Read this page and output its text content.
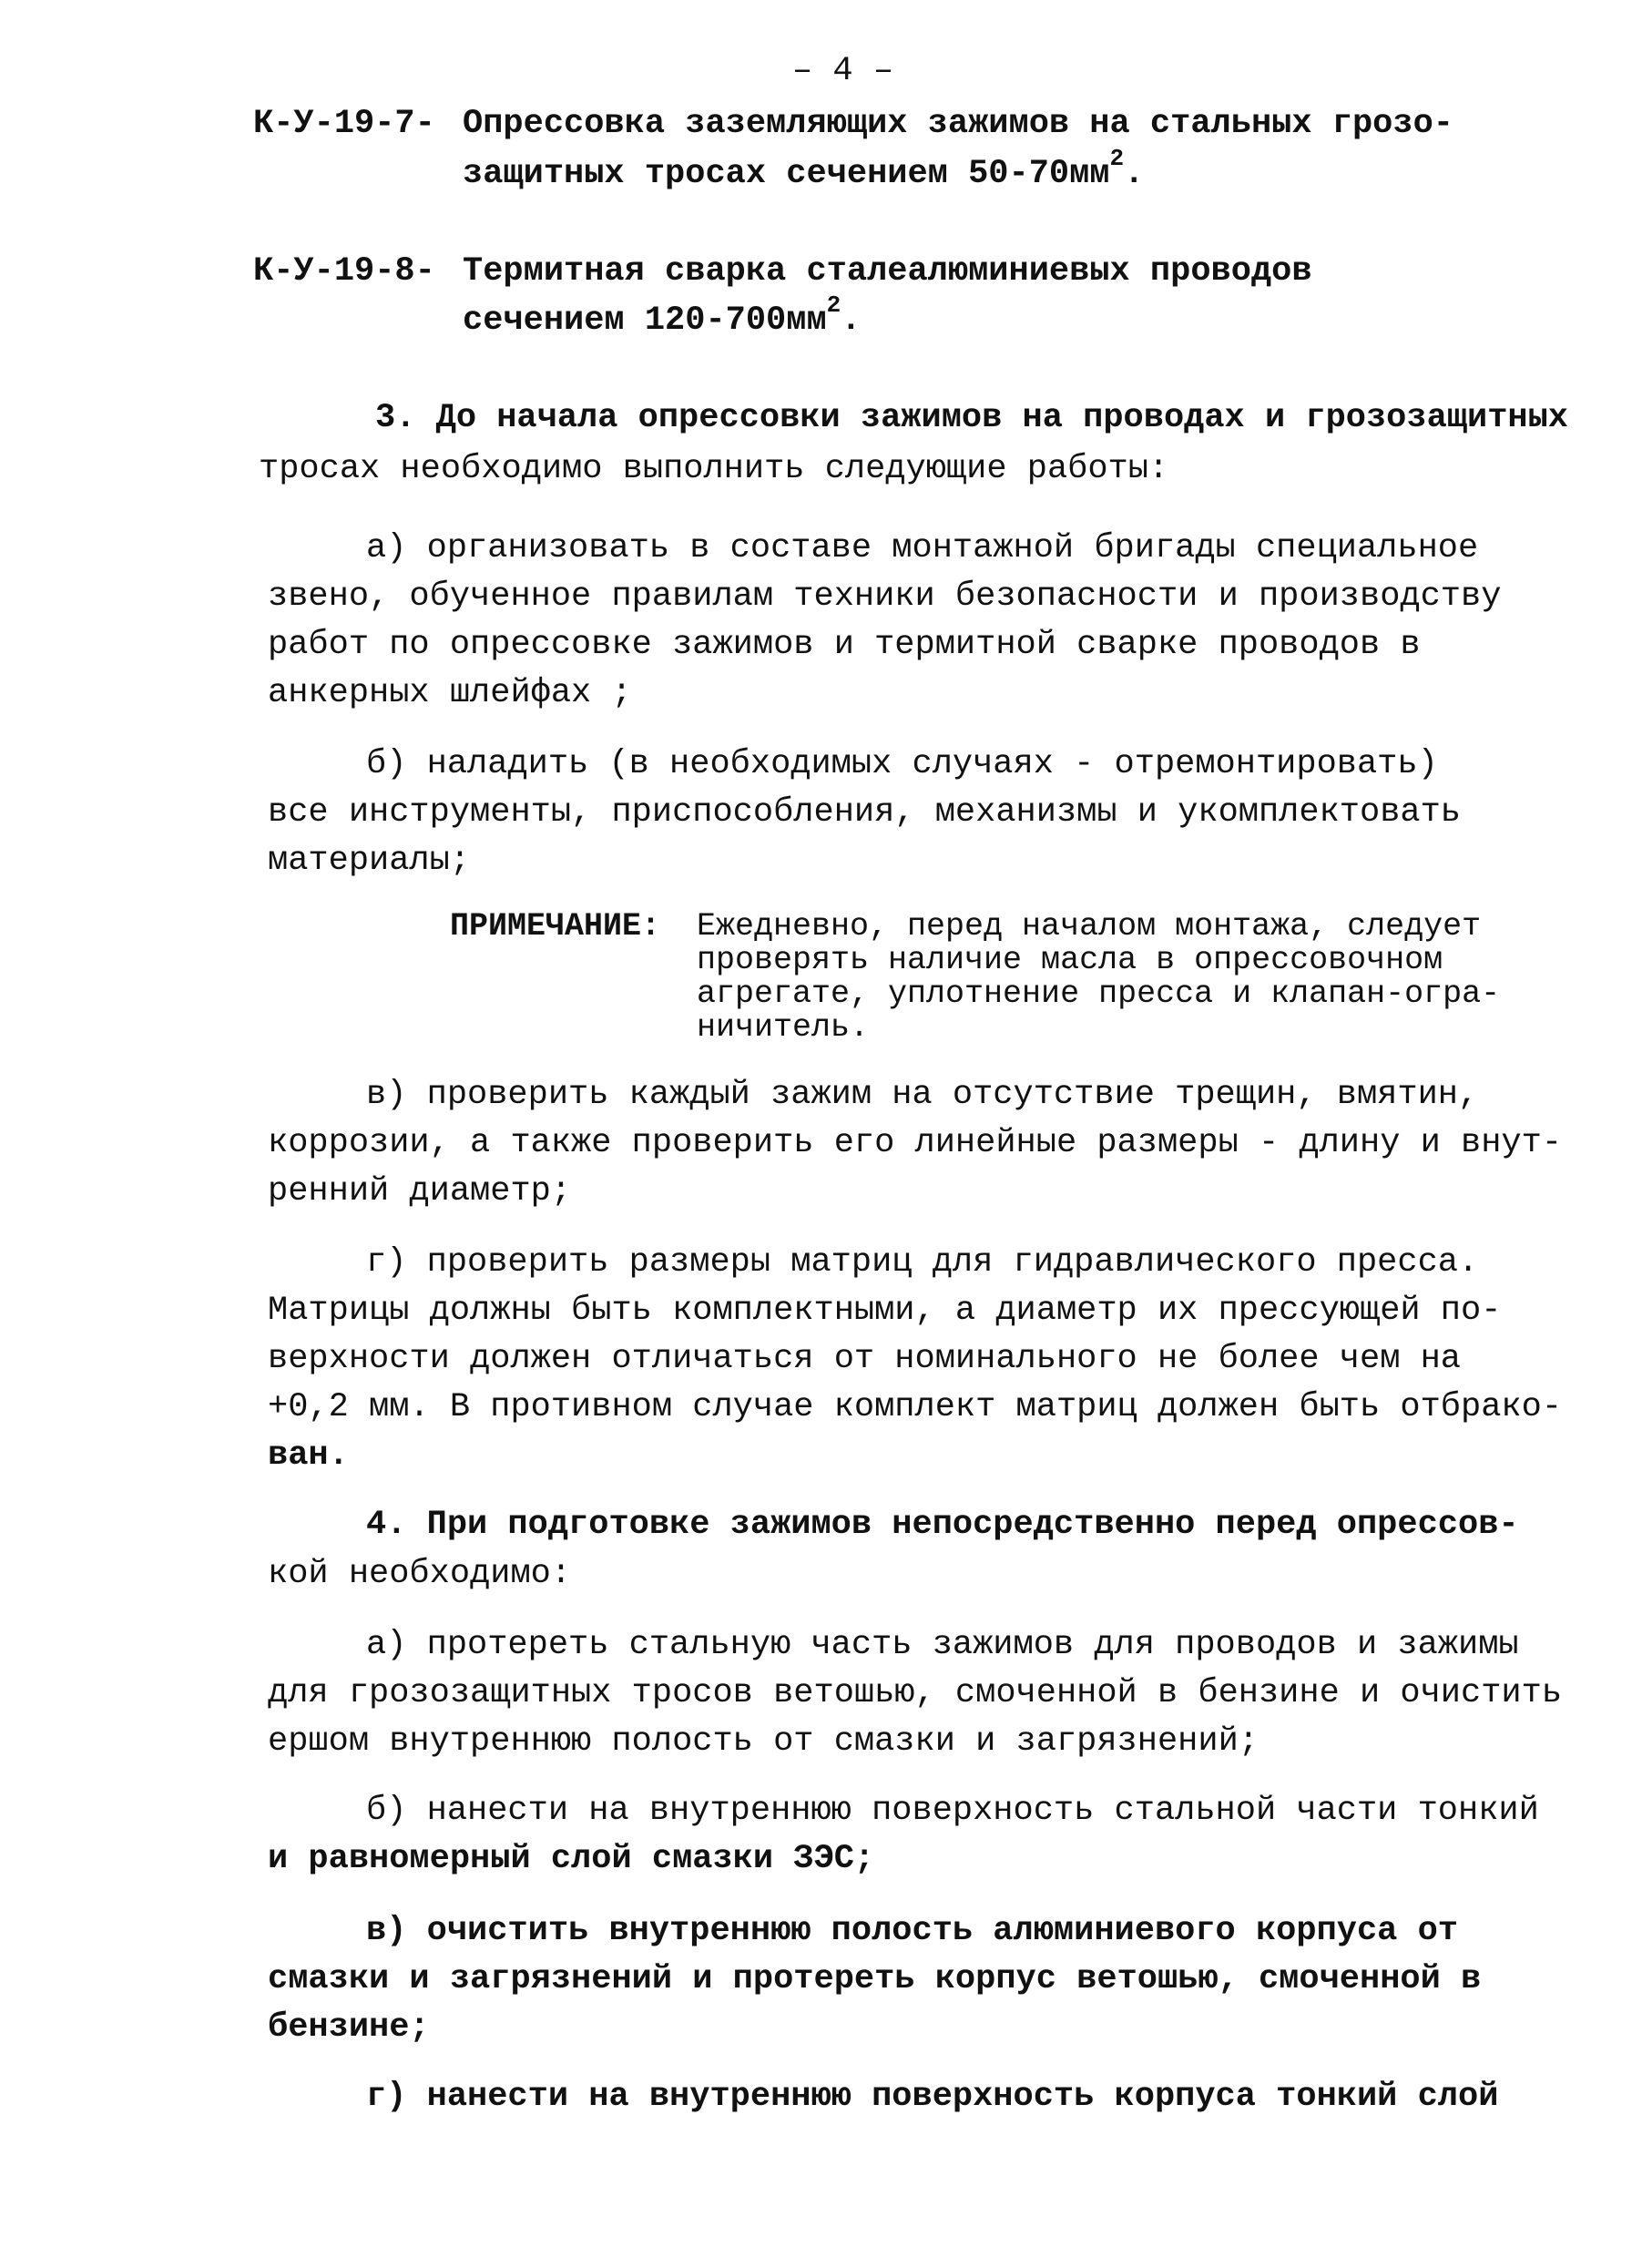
– 4 –
К-У-19-7- Опрессовка заземляющих зажимов на стальных грозо-
защитных тросах сечением $50-70мм^2$.
К-У-19-8- Термитная сварка сталеалюминиевых проводов
сечением $120-700мм^2$.
3. До начала опрессовки зажимов на проводах и грозозащитных
тросах необходимо выполнить следующие работы:
а) организовать в составе монтажной бригады специальное
звено, обученное правилам техники безопасности и производству
работ по опрессовке зажимов и термитной сварке проводов в
анкерных шлейфах ;
б) наладить (в необходимых случаях - отремонтировать)
все инструменты, приспособления, механизмы и укомплектовать
материалы;
ПРИМЕЧАНИЕ: Ежедневно, перед началом монтажа, следует
проверять наличие масла в опрессовочном
агрегате, уплотнение пресса и клапан-огра-
ничитель.
в) проверить каждый зажим на отсутствие трещин, вмятин,
коррозии, а также проверить его линейные размеры - длину и внут-
ренний диаметр;
г) проверить размеры матриц для гидравлического пресса.
Матрицы должны быть комплектными, а диаметр их прессующей по-
верхности должен отличаться от номинального не более чем на
+0,2 мм. В противном случае комплект матриц должен быть отбрако-
ван.
4. При подготовке зажимов непосредственно перед опрессов-
кой необходимо:
а) протереть стальную часть зажимов для проводов и зажимы
для грозозащитных тросов ветошью, смоченной в бензине и очистить
ершом внутреннюю полость от смазки и загрязнений;
б) нанести на внутреннюю поверхность стальной части тонкий
и равномерный слой смазки ЗЭС;
в) очистить внутреннюю полость алюминиевого корпуса от
смазки и загрязнений и протереть корпус ветошью, смоченной в
бензине;
г) нанести на внутреннюю поверхность корпуса тонкий слой
